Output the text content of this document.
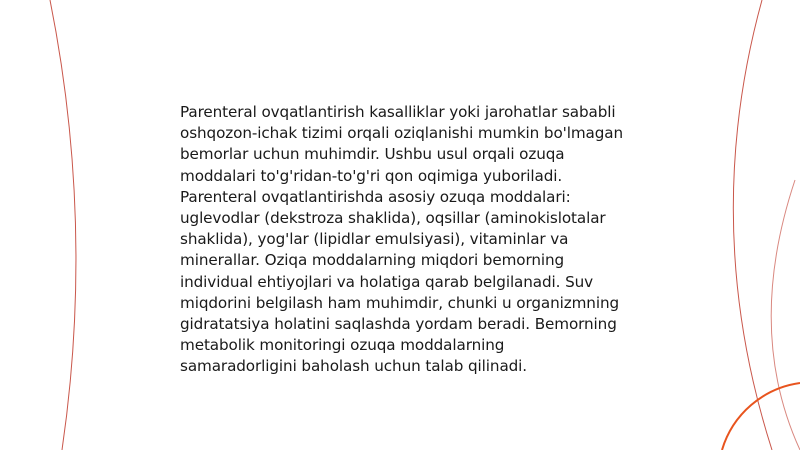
Parenteral ovqatlantirish kasalliklar yoki jarohatlar sababli oshqozon-ichak tizimi orqali oziqlanishi mumkin bo'lmagan bemorlar uchun muhimdir. Ushbu usul orqali ozuqa moddalari to'g'ridan-to'g'ri qon oqimiga yuboriladi. Parenteral ovqatlantirishda asosiy ozuqa moddalari: uglevodlar (dekstroza shaklida), oqsillar (aminokislotalar shaklida), yog'lar (lipidlar emulsiyasi), vitaminlar va minerallar. Oziqa moddalarning miqdori bemorning individual ehtiyojlari va holatiga qarab belgilanadi. Suv miqdorini belgilash ham muhimdir, chunki u organizmning gidratatsiya holatini saqlashda yordam beradi. Bemorning metabolik monitoringi ozuqa moddalarning samaradorligini baholash uchun talab qilinadi.
